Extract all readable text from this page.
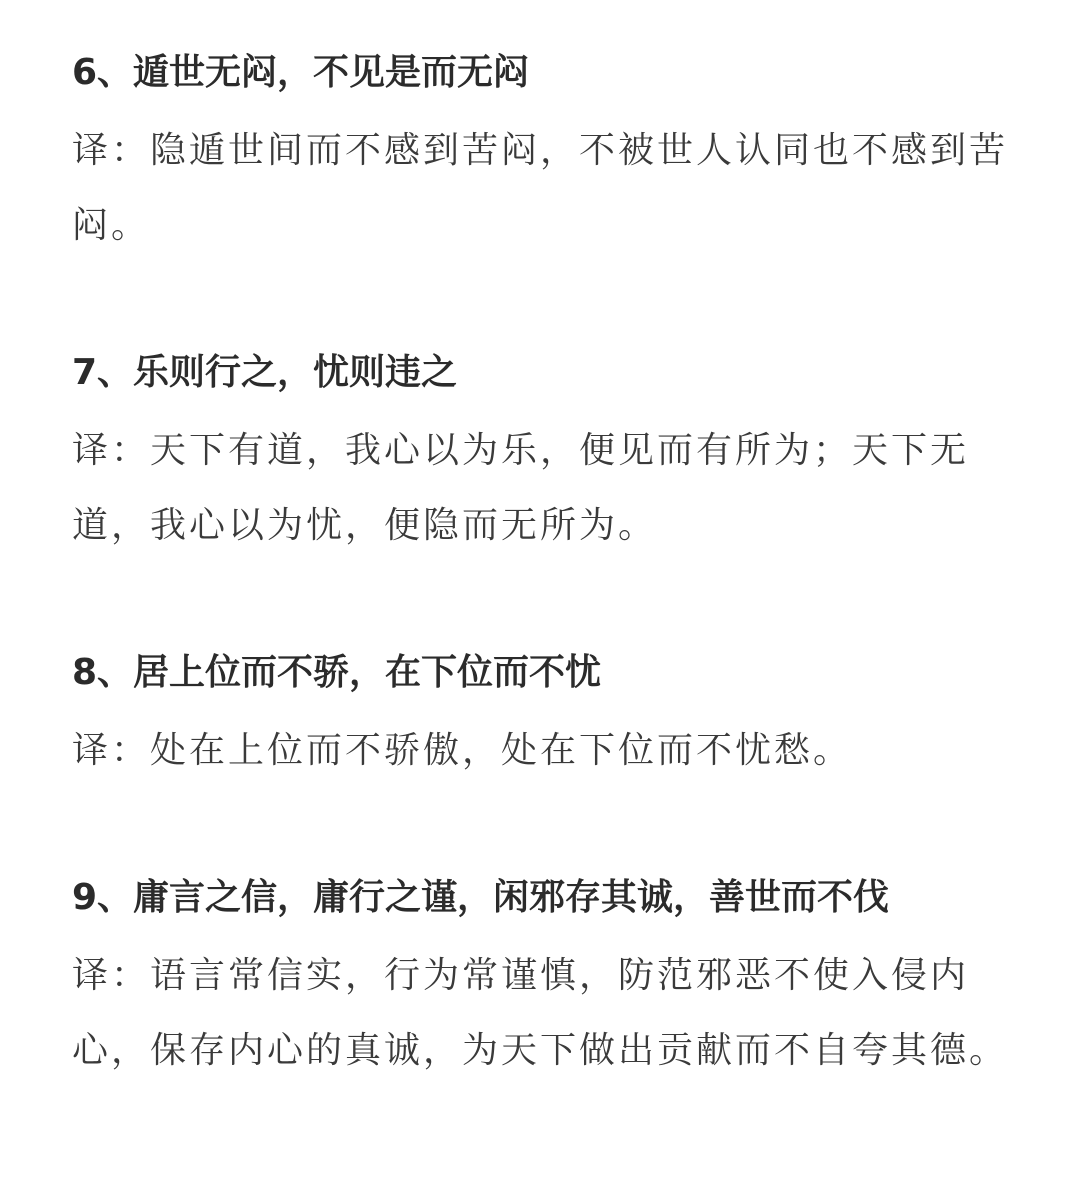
6、遁世无闷，不见是而无闷

译：隐遁世间而不感到苦闷，不被世人认同也不感到苦闷。

7、乐则行之，忧则违之

译：天下有道，我心以为乐，便见而有所为；天下无道，我心以为忧，便隐而无所为。

8、居上位而不骄，在下位而不忧

译：处在上位而不骄傲，处在下位而不忧愁。

9、庸言之信，庸行之谨，闲邪存其诚，善世而不伐

译：语言常信实，行为常谨慎，防范邪恶不使入侵内心，保存内心的真诚，为天下做出贡献而不自夸其德。
